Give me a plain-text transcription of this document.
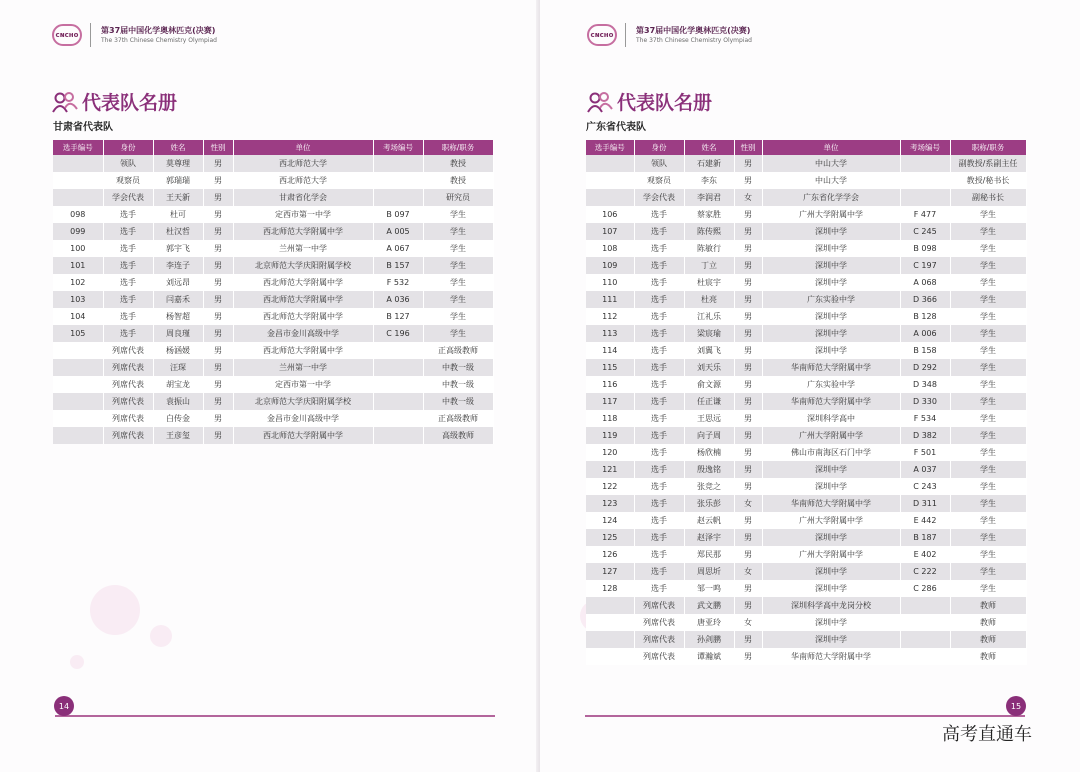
ᴄɴᴄʜᴏ
第37届中国化学奥林匹克(决赛)
The 37th Chinese Chemistry Olympiad
代表队名册
甘肃省代表队
选手编号	身份	姓名	性别	单位	考场编号	职称/职务
	领队	莫尊理	男	西北师范大学		教授
	观察员	郭瑞瑞	男	西北师范大学		教授
	学会代表	王天新	男	甘肃省化学会		研究员
098	选手	杜可	男	定西市第一中学	B 097	学生
099	选手	杜汉哲	男	西北师范大学附属中学	A 005	学生
100	选手	郭宇飞	男	兰州第一中学	A 067	学生
101	选手	李连子	男	北京师范大学庆阳附属学校	B 157	学生
102	选手	刘远昂	男	西北师范大学附属中学	F 532	学生
103	选手	闫嘉禾	男	西北师范大学附属中学	A 036	学生
104	选手	杨智超	男	西北师范大学附属中学	B 127	学生
105	选手	周良瑾	男	金昌市金川高级中学	C 196	学生
	列席代表	杨涵媛	男	西北师范大学附属中学		正高级教师
	列席代表	汪琛	男	兰州第一中学		中教一级
	列席代表	胡宝龙	男	定西市第一中学		中教一级
	列席代表	袁振山	男	北京师范大学庆阳附属学校		中教一级
	列席代表	白传金	男	金昌市金川高级中学		正高级教师
	列席代表	王彦玺	男	西北师范大学附属中学		高级教师
14
ᴄɴᴄʜᴏ
第37届中国化学奥林匹克(决赛)
The 37th Chinese Chemistry Olympiad
代表队名册
广东省代表队
选手编号	身份	姓名	性别	单位	考场编号	职称/职务
	领队	石建新	男	中山大学		副教授/系副主任
	观察员	李东	男	中山大学		教授/秘书长
	学会代表	李润君	女	广东省化学学会		副秘书长
106	选手	蔡家胜	男	广州大学附属中学	F 477	学生
107	选手	陈传熙	男	深圳中学	C 245	学生
108	选手	陈敏行	男	深圳中学	B 098	学生
109	选手	丁立	男	深圳中学	C 197	学生
110	选手	杜宸宇	男	深圳中学	A 068	学生
111	选手	杜亮	男	广东实验中学	D 366	学生
112	选手	江礼乐	男	深圳中学	B 128	学生
113	选手	梁宸瑜	男	深圳中学	A 006	学生
114	选手	刘翼飞	男	深圳中学	B 158	学生
115	选手	刘天乐	男	华南师范大学附属中学	D 292	学生
116	选手	俞文源	男	广东实验中学	D 348	学生
117	选手	任正谦	男	华南师范大学附属中学	D 330	学生
118	选手	王思远	男	深圳科学高中	F 534	学生
119	选手	向子周	男	广州大学附属中学	D 382	学生
120	选手	杨欣楠	男	佛山市南海区石门中学	F 501	学生
121	选手	殷逸铭	男	深圳中学	A 037	学生
122	选手	张竞之	男	深圳中学	C 243	学生
123	选手	张乐彭	女	华南师范大学附属中学	D 311	学生
124	选手	赵云帆	男	广州大学附属中学	E 442	学生
125	选手	赵泽宇	男	深圳中学	B 187	学生
126	选手	郑民那	男	广州大学附属中学	E 402	学生
127	选手	周思圻	女	深圳中学	C 222	学生
128	选手	邹一鸣	男	深圳中学	C 286	学生
	列席代表	武文鹏	男	深圳科学高中龙岗分校		教师
	列席代表	唐亚玲	女	深圳中学		教师
	列席代表	孙剑鹏	男	深圳中学		教师
	列席代表	谭瀚斌	男	华南师范大学附属中学		教师
15
高考直通车
